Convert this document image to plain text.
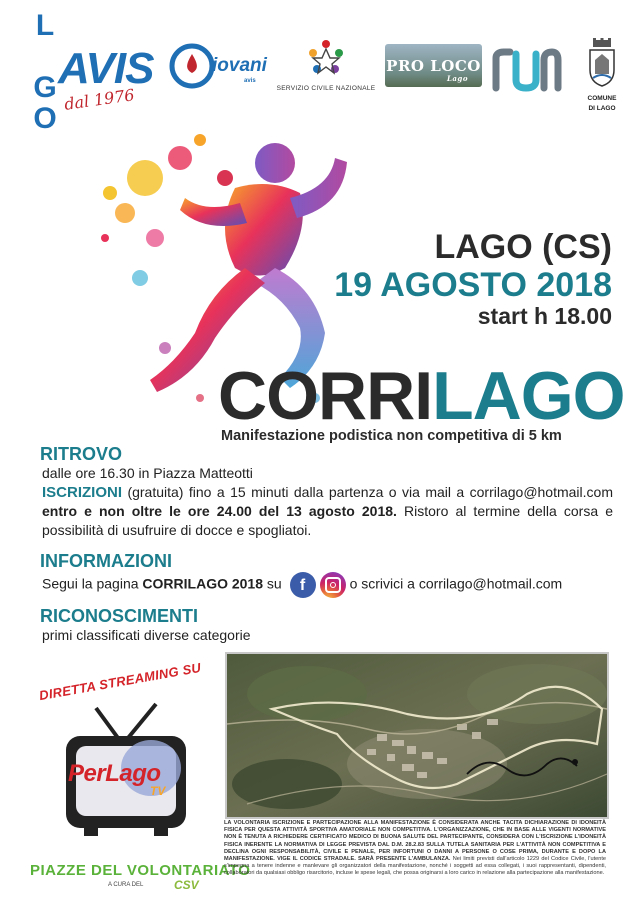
L
G
O
AVIS
dal 1976
iovani
avis
SERVIZIO CIVILE NAZIONALE
PRO LOCO
Lago
COMUNE
DI LAGO
LAGO (CS)
19 AGOSTO 2018
start h 18.00
CORRILAGO
Manifestazione podistica non competitiva di 5 km
RITROVO
dalle ore 16.30 in Piazza Matteotti
ISCRIZIONI (gratuita) fino a 15 minuti dalla partenza o via mail a corrilago@hotmail.com entro e non oltre le ore 24.00 del 13 agosto 2018. Ristoro al termine della corsa e possibilità di usufruire di docce e spogliatoi.
INFORMAZIONI
Segui la pagina CORRILAGO 2018 su f	o scrivici a corrilago@hotmail.com
RICONOSCIMENTI
primi classificati diverse categorie
DIRETTA STREAMING SU
PerLago
TV
PIAZZE DEL VOLONTARIATO
A CURA DEL	CSV
LA VOLONTARIA ISCRIZIONE E PARTECIPAZIONE ALLA MANIFESTAZIONE È CONSIDERATA ANCHE TACITA DICHIARAZIONE DI IDONEITÀ FISICA PER QUESTA ATTIVITÀ SPORTIVA AMATORIALE NON COMPETITIVA. L'ORGANIZZAZIONE, CHE IN BASE ALLE VIGENTI NORMATIVE NON È TENUTA A RICHIEDERE CERTIFICATO MEDICO DI BUONA SALUTE DEL PARTECIPANTE, CONSIDERA CON L'ISCRIZIONE L'IDONEITÀ FISICA INERENTE LA NORMATIVA DI LEGGE PREVISTA DAL D.M. 28.2.83 SULLA TUTELA SANITARIA PER L'ATTIVITÀ NON COMPETITIVA E DECLINA OGNI RESPONSABILITÀ, CIVILE E PENALE, PER INFORTUNI O DANNI A PERSONE O COSE PRIMA, DURANTE E DOPO LA MANIFESTAZIONE. VIGE IL CODICE STRADALE. SARÀ PRESENTE L'AMBULANZA. Nei limiti previsti dall'articolo 1229 del Codice Civile, l'utente s'impegna a tenere indenne e manlevare gli organizzatori della manifestazione, nonché i soggetti ad essa collegati, i suoi rappresentanti, dipendenti, collaboratori da qualsiasi obbligo risarcitorio, incluse le spese legali, che possa originarsi a loro carico in relazione alla partecipazione alla manifestazione.
